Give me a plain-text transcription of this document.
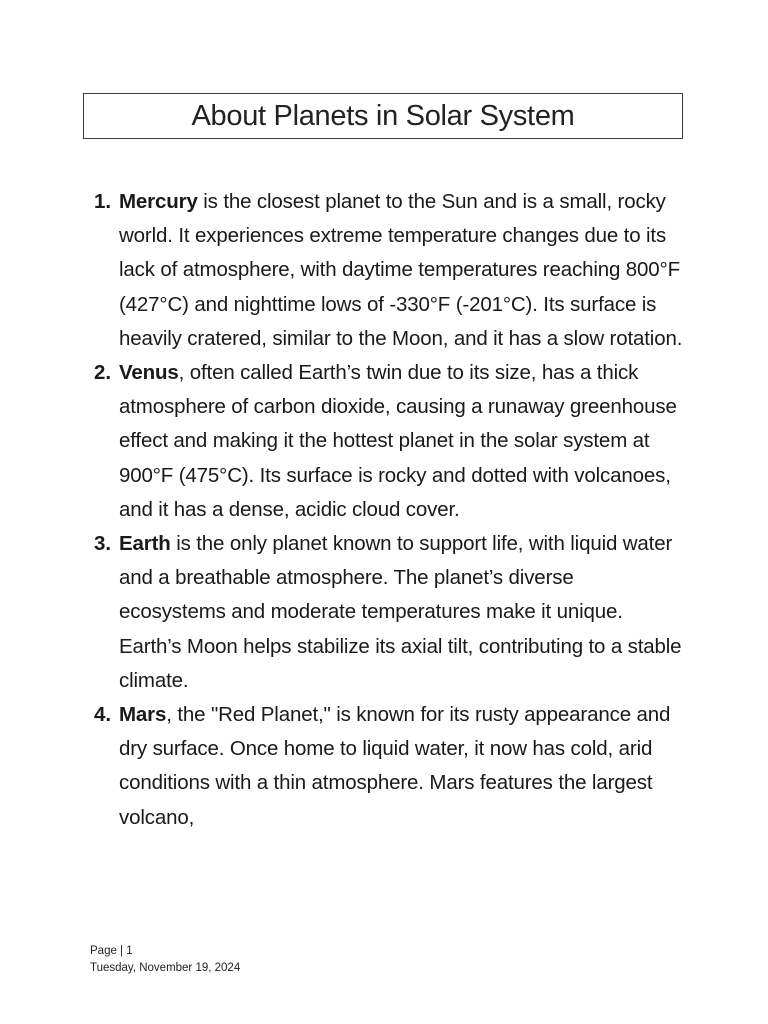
About Planets in Solar System
1. Mercury is the closest planet to the Sun and is a small, rocky world. It experiences extreme temperature changes due to its lack of atmosphere, with daytime temperatures reaching 800°F (427°C) and nighttime lows of -330°F (-201°C). Its surface is heavily cratered, similar to the Moon, and it has a slow rotation.
2. Venus, often called Earth’s twin due to its size, has a thick atmosphere of carbon dioxide, causing a runaway greenhouse effect and making it the hottest planet in the solar system at 900°F (475°C). Its surface is rocky and dotted with volcanoes, and it has a dense, acidic cloud cover.
3. Earth is the only planet known to support life, with liquid water and a breathable atmosphere. The planet’s diverse ecosystems and moderate temperatures make it unique. Earth’s Moon helps stabilize its axial tilt, contributing to a stable climate.
4. Mars, the "Red Planet," is known for its rusty appearance and dry surface. Once home to liquid water, it now has cold, arid conditions with a thin atmosphere. Mars features the largest volcano,
Page | 1
Tuesday, November 19, 2024
